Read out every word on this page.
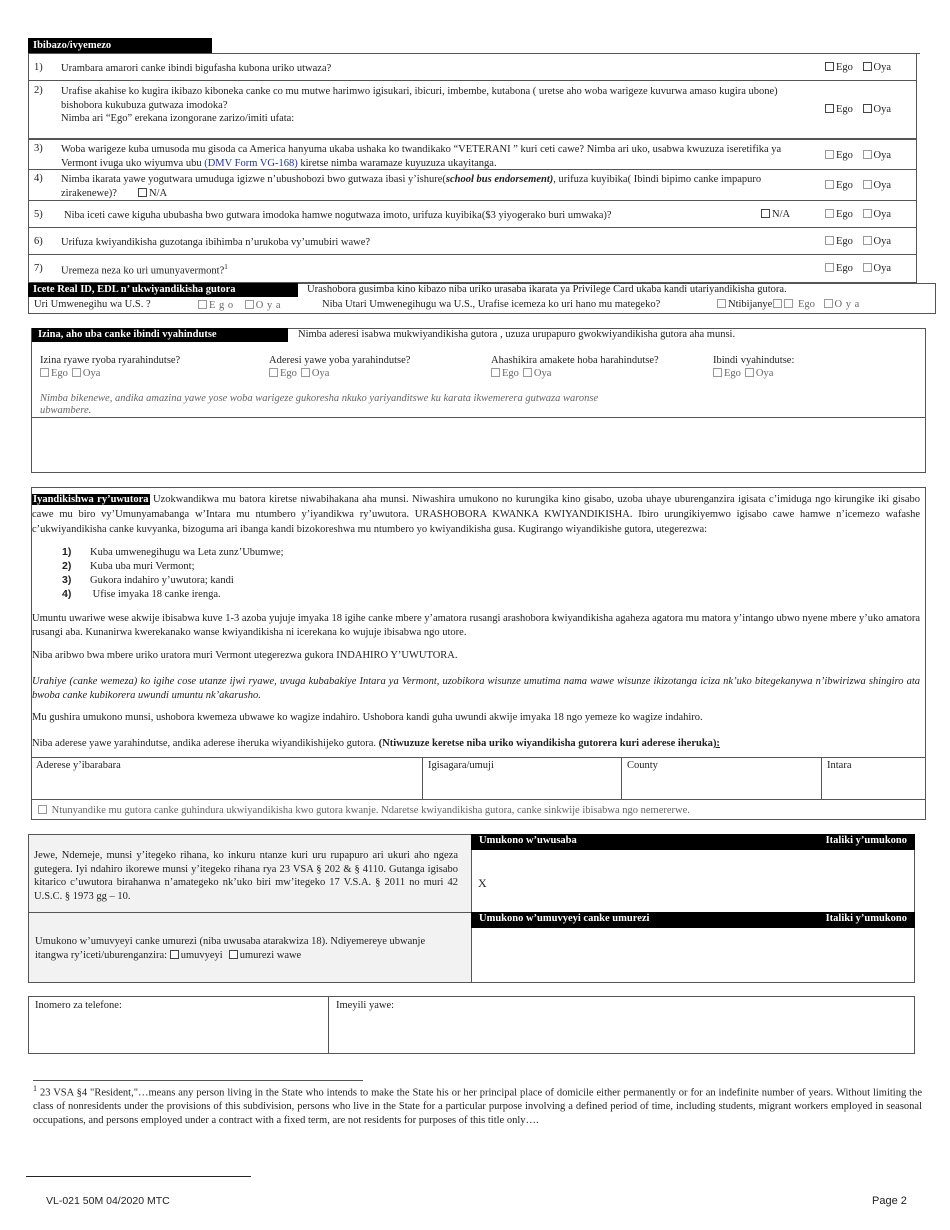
Ibibazo/ivyemezo
1) Urambara amarori canke ibindi bigufasha kubona uriko utwaza?	Ego Oya
2) Urafise akahise ko kugira ikibazo kiboneka canke co mu mutwe harimwo igisukari, ibicuri, imbembe, kutabona ( uretse aho woba warigeze kuvurwa amaso kugira ubone) bishobora kukubuza gutwaza imodoka?
Nimba ari “Ego” erekana izongorane zarizo/imiti ufata:
Ego Oya
3) Woba warigeze kuba umusoda mu gisoda ca America hanyuma ukaba ushaka ko twandikako “VETERANI ” kuri ceti cawe? Nimba ari uko, usabwa kwuzuza iseretifika ya Vermont ivuga uko wiyumva ubu (DMV Form VG-168) kiretse nimba waramaze kuyuzuza ukayitanga.
Ego Oya
4) Nimba ikarata yawe yogutwara umuduga igizwe n’ubushobozi bwo gutwaza ibasi y’ishure(school bus endorsement), urifuza kuyibika( Ibindi bipimo canke impapuro zirakenewe)?	N/A
Ego Oya
5) Niba iceti cawe kiguha ububasha bwo gutwara imodoka hamwe nogutwaza imoto, urifuza kuyibika($3 yiyogerako buri umwaka)?	N/A	Ego Oya
6) Urifuza kwiyandikisha guzotanga ibihimba n’urukoba vy’umubiri wawe?	Ego Oya
7) Uremeza neza ko uri umunyavermont?$^1$	Ego Oya
Icete Real ID, EDL n’ ukwiyandikisha gutora	Urashobora gusimba kino kibazo niba uriko urasaba ikarata ya Privilege Card ukaba kandi utariyandikisha gutora.
Uri Umwenegihu wa U.S. ?	E g o O y a	Niba Utari Umwenegihugu wa U.S., Urafise icemeza ko uri hano mu mategeko?	Ntibijanye Ego O y a
Izina, aho uba canke ibindi vyahindutse	Nimba aderesi isabwa mukwiyandikisha gutora , uzuza urupapuro gwokwiyandikisha gutora aha munsi.
Izina ryawe ryoba ryarahindutse?
Ego Oya
Aderesi yawe yoba yarahindutse?
Ego Oya
Ahashikira amakete hoba harahindutse?
Ego Oya
Ibindi vyahindutse:
Ego Oya
Nimba bikenewe, andika amazina yawe yose woba warigeze gukoresha nkuko yariyanditswe ku karata ikwemerera gutwaza waronse ubwambere.
Iyandikishwa ry’uwutora Uzokwandikwa mu batora kiretse niwabihakana aha munsi. Niwashira umukono no kurungika kino gisabo, uzoba uhaye uburenganzira igisata c’imiduga ngo kirungike iki gisabo cawe mu biro vy’Umunyamabanga w’Intara mu ntumbero y’iyandikwa ry’uwutora. URASHOBORA KWANKA KWIYANDIKISHA. Ibiro urungikiyemwo igisabo cawe hamwe n’icemezo wafashe c’ukwiyandikisha canke kuvyanka, bizoguma ari ibanga kandi bizokoreshwa mu ntumbero yo kwiyandikisha gusa. Kugirango wiyandikishe gutora, utegerezwa:
1) Kuba umwenegihugu wa Leta zunz’Ubumwe;
2) Kuba uba muri Vermont;
3) Gukora indahiro y’uwutora; kandi
4) Ufise imyaka 18 canke irenga.
Umuntu uwariwe wese akwije ibisabwa kuve 1-3 azoba yujuje imyaka 18 igihe canke mbere y’amatora rusangi arashobora kwiyandikisha agaheza agatora mu matora y’intango ubwo nyene mbere y’uko amatora rusangi aba. Kunanirwa kwerekanako wanse kwiyandikisha ni icerekana ko wujuje ibisabwa ngo utore.
Niba aribwo bwa mbere uriko uratora muri Vermont utegerezwa gukora INDAHIRO Y’UWUTORA.
Urahiye (canke wemeza) ko igihe cose utanze ijwi ryawe, uvuga kubabakiye Intara ya Vermont, uzobikora wisunze umutima nama wawe wisunze ikizotanga iciza nk’uko bitegekanywa n’ibwirizwa shingiro ata bwoba canke kubikorera uwundi umuntu nk’akarusho.
Mu gushira umukono munsi, ushobora kwemeza ubwawe ko wagize indahiro. Ushobora kandi guha uwundi akwije imyaka 18 ngo yemeze ko wagize indahiro.
Niba aderese yawe yarahindutse, andika aderese iheruka wiyandikishijeko gutora. (Ntiwuzuze keretse niba uriko wiyandikisha gutorera kuri aderese iheruka):
Aderese y’ibarabara	Igisagara/umuji	County	Intara
Ntunyandike mu gutora canke guhindura ukwiyandikisha kwo gutora kwanje. Ndaretse kwiyandikisha gutora, canke sinkwije ibisabwa ngo nemererwe.
Jewe, Ndemeje, munsi y’itegeko rihana, ko inkuru ntanze kuri uru rupapuro ari ukuri aho ngeza gutegera. Iyi ndahiro ikorewe munsi y’itegeko rihana rya 23 VSA § 202 & § 4110. Gutanga igisabo kitarico c’uwutora birahanwa n’amategeko nk’uko biri mw’itegeko 17 V.S.A. § 2011 no muri 42 U.S.C. § 1973 gg – 10.
Umukono w’umuvyeyi canke umurezi (niba uwusaba atarakwiza 18). Ndiyemereye ubwanje itangwa ry’iceti/uburenganzira: umuvyeyi umurezi wawe
Umukono w’uwusaba	Italiki y’umukono
X
Umukono w’umuvyeyi canke umurezi	Italiki y’umukono
Inomero za telefone:	Imeyili yawe:
$^1$ 23 VSA §4 "Resident,"…means any person living in the State who intends to make the State his or her principal place of domicile either permanently or for an indefinite number of years. Without limiting the class of nonresidents under the provisions of this subdivision, persons who live in the State for a particular purpose involving a defined period of time, including students, migrant workers employed in seasonal occupations, and persons employed under a contract with a fixed term, are not residents for purposes of this title only….
VL-021 50M 04/2020 MTC	Page 2
